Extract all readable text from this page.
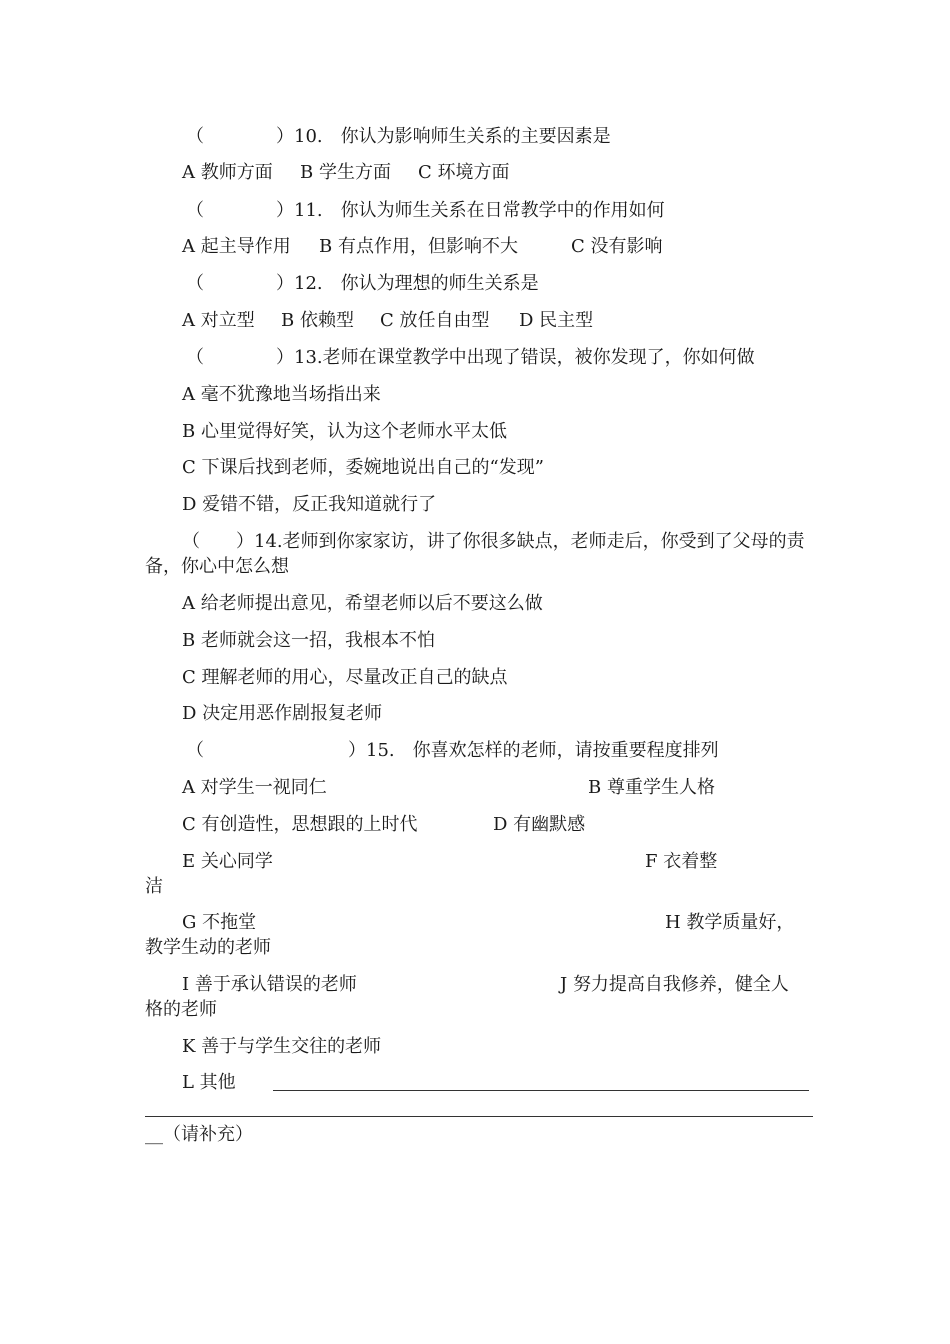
（　　　　）10.　你认为影响师生关系的主要因素是
A 教师方面 B 学生方面 C 环境方面
（　　　　）11.　你认为师生关系在日常教学中的作用如何
A 起主导作用 B 有点作用，但影响不大	C 没有影响
（　　　　）12.　你认为理想的师生关系是
A 对立型 B 依赖型 C 放任自由型 D 民主型
（　　　　）13.老师在课堂教学中出现了错误，被你发现了，你如何做
A 毫不犹豫地当场指出来
B 心里觉得好笑，认为这个老师水平太低
C 下课后找到老师，委婉地说出自己的“发现”
D 爱错不错，反正我知道就行了
（　　）14.老师到你家家访，讲了你很多缺点，老师走后，你受到了父母的责
备，你心中怎么想
A 给老师提出意见，希望老师以后不要这么做
B 老师就会这一招，我根本不怕
C 理解老师的用心，尽量改正自己的缺点
D 决定用恶作剧报复老师
（　　　　　　　　）15.　你喜欢怎样的老师，请按重要程度排列
A 对学生一视同仁	B 尊重学生人格
C 有创造性，思想跟的上时代	D 有幽默感
E 关心同学	F 衣着整
洁
G 不拖堂	H 教学质量好，
教学生动的老师
I 善于承认错误的老师	J 努力提高自我修养，健全人
格的老师
K 善于与学生交往的老师
L 其他
__（请补充）
